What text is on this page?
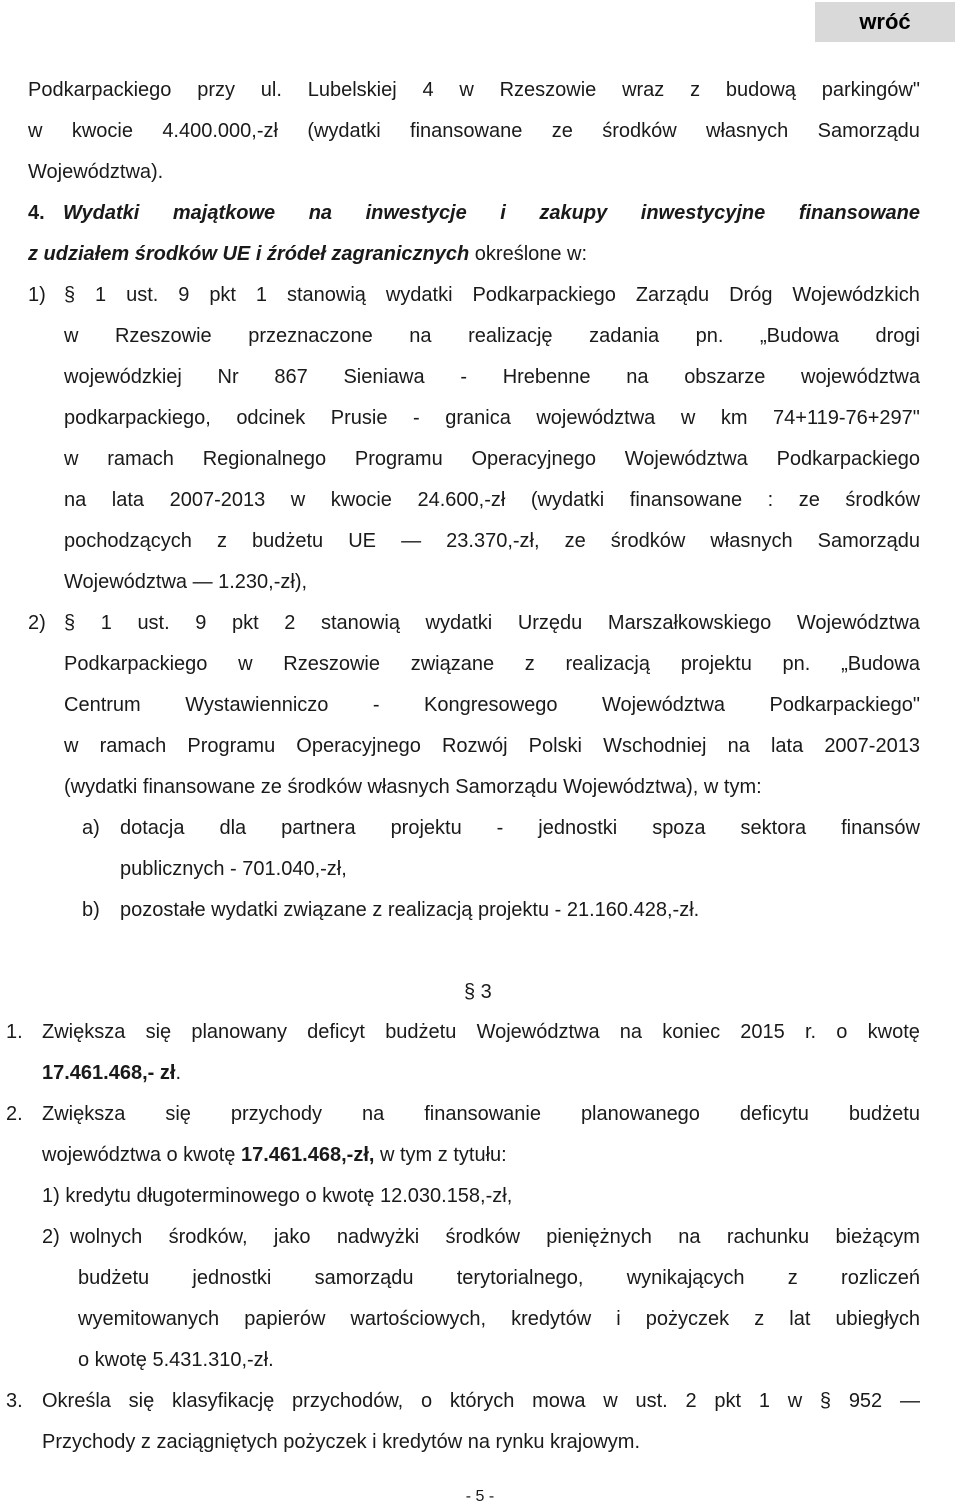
wróć
Podkarpackiego przy ul. Lubelskiej 4 w Rzeszowie wraz z budową parkingów"
w kwocie 4.400.000,-zł (wydatki finansowane ze środków własnych Samorządu
Województwa).
4. Wydatki majątkowe na inwestycje i zakupy inwestycyjne finansowane
z udziałem środków UE i źródeł zagranicznych określone w:
1) § 1 ust. 9 pkt 1 stanowią wydatki Podkarpackiego Zarządu Dróg Wojewódzkich
w Rzeszowie przeznaczone na realizację zadania pn. „Budowa drogi
wojewódzkiej Nr 867 Sieniawa - Hrebenne na obszarze województwa
podkarpackiego, odcinek Prusie - granica województwa w km 74+119-76+297"
w ramach Regionalnego Programu Operacyjnego Województwa Podkarpackiego
na lata 2007-2013 w kwocie 24.600,-zł (wydatki finansowane : ze środków
pochodzących z budżetu UE — 23.370,-zł, ze środków własnych Samorządu
Województwa — 1.230,-zł),
2) § 1 ust. 9 pkt 2 stanowią wydatki Urzędu Marszałkowskiego Województwa
Podkarpackiego w Rzeszowie związane z realizacją projektu pn. „Budowa
Centrum Wystawienniczo - Kongresowego Województwa Podkarpackiego"
w ramach Programu Operacyjnego Rozwój Polski Wschodniej na lata 2007-2013
(wydatki finansowane ze środków własnych Samorządu Województwa), w tym:
a) dotacja dla partnera projektu - jednostki spoza sektora finansów
publicznych - 701.040,-zł,
b) pozostałe wydatki związane z realizacją projektu - 21.160.428,-zł.
§ 3
1. Zwiększa się planowany deficyt budżetu Województwa na koniec 2015 r. o kwotę
17.461.468,- zł.
2. Zwiększa się przychody na finansowanie planowanego deficytu budżetu
województwa o kwotę 17.461.468,-zł, w tym z tytułu:
1) kredytu długoterminowego o kwotę 12.030.158,-zł,
2) wolnych środków, jako nadwyżki środków pieniężnych na rachunku bieżącym
budżetu jednostki samorządu terytorialnego, wynikających z rozliczeń
wyemitowanych papierów wartościowych, kredytów i pożyczek z lat ubiegłych
o kwotę 5.431.310,-zł.
3. Określa się klasyfikację przychodów, o których mowa w ust. 2 pkt 1 w § 952 —
Przychody z zaciągniętych pożyczek i kredytów na rynku krajowym.
- 5 -
